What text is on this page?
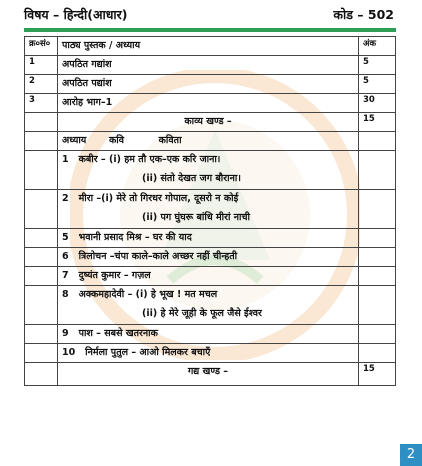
विषय – हिन्दी(आधार)	कोड – 502
क्र०सं०	पाठ्य पुस्तक / अध्याय	अंक
1	अपठित गद्यांश	5
2	अपठित पद्यांश	5
3	आरोह भाग–1	30
	काव्य खण्ड –	15
	अध्याय कवि कविता	

	1 कबीर – (i) हम तौ एक–एक करि जाना।
(ii) संतो देखत जग बौराना।	

	2 मीरा –(i) मेरे तो गिरधर गोपाल, दूसरो न कोई
(ii) पग घुंघरू बांधि मीरां नाची	

	5 भवानी प्रसाद मिश्र – घर की याद	
	6 त्रिलोचन –चंपा काले–काले अच्छर नहीं चीन्हती	
	7 दुष्यंत कुमार – गज़ल	

	8 अक्कमहादेवी – (i) हे भूख ! मत मचल
(ii) हे मेरे जूही के फूल जैसे ईश्वर	

	9 पाश – सबसे खतरनाक	
	10 निर्मला पुतुल – आओ मिलकर बचाएँ	
	गद्य खण्ड –	15
2
